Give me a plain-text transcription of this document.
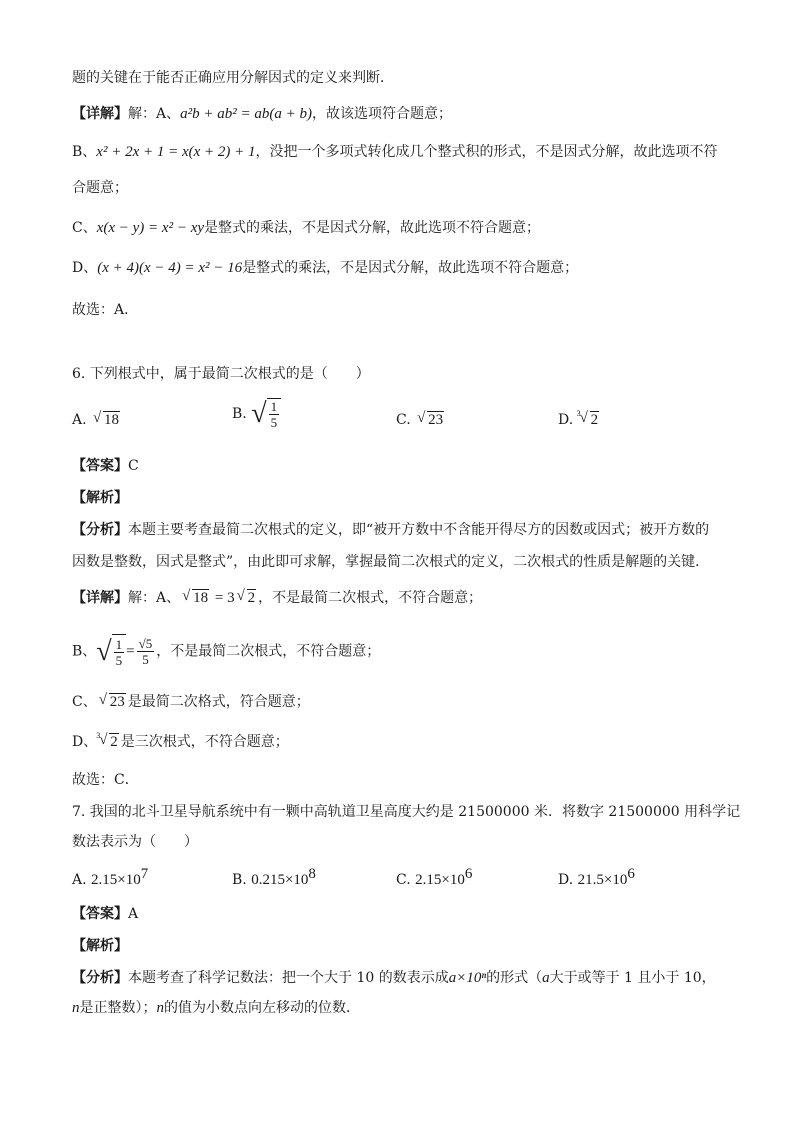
题的关键在于能否正确应用分解因式的定义来判断．
【详解】解：A、a²b + ab² = ab(a + b)，故该选项符合题意；
B、x² + 2x + 1 = x(x + 2) + 1，没把一个多项式转化成几个整式积的形式，不是因式分解，故此选项不符
合题意；
C、x(x − y) = x² − xy是整式的乘法，不是因式分解，故此选项不符合题意；
D、(x + 4)(x − 4) = x² − 16是整式的乘法，不是因式分解，故此选项不符合题意；
故选：A．
6. 下列根式中，属于最简二次根式的是（　　）
A. √ 18	B. √ $\frac{1}{5}$	C. √ 23	D. √ 3 2
【答案】C
【解析】
【分析】本题主要考查最简二次根式的定义，即“被开方数中不含能开得尽方的因数或因式；被开方数的
因数是整数，因式是整式”，由此即可求解，掌握最简二次根式的定义，二次根式的性质是解题的关键．
【详解】解：A、 √ 18 = 3 √ 2 ，不是最简二次根式，不符合题意；
B、 √ $\frac{1}{5} = \frac{√5}{5}$ ，不是最简二次根式，不符合题意；
C、 √ 23 是最简二次格式，符合题意；
D、 √ 3 2 是三次根式，不符合题意；
故选：C．
7. 我国的北斗卫星导航系统中有一颗中高轨道卫星高度大约是 21500000 米．将数字 21500000 用科学记
数法表示为（　　）
A. $2.15\times 10^7$	B. $0.215\times 10^8$	C. $2.15\times 10^6$	D. $21.5\times 10^6$
【答案】A
【解析】
【分析】本题考查了科学记数法：把一个大于 10 的数表示成a×10ⁿ的形式（a大于或等于 1 且小于 10，
n是正整数）；n的值为小数点向左移动的位数．
